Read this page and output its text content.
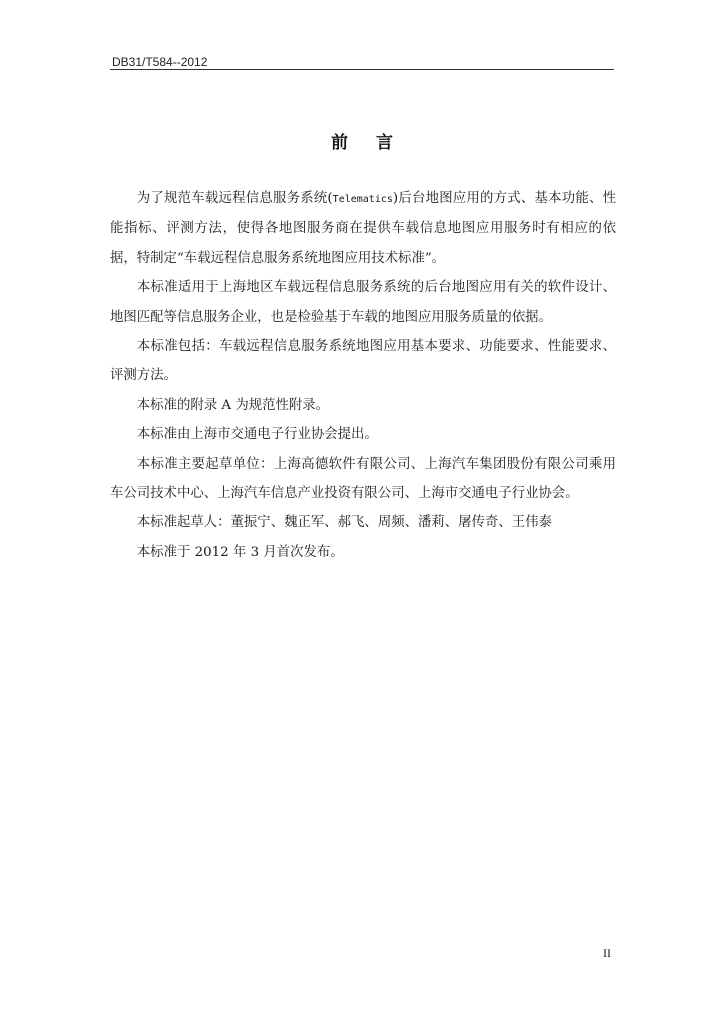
DB31/T584--2012
前 言

为了规范车载远程信息服务系统(Telematics)后台地图应用的方式、基本功能、性能指标、评测方法，使得各地图服务商在提供车载信息地图应用服务时有相应的依据，特制定“车载远程信息服务系统地图应用技术标准”。

本标准适用于上海地区车载远程信息服务系统的后台地图应用有关的软件设计、地图匹配等信息服务企业，也是检验基于车载的地图应用服务质量的依据。

本标准包括：车载远程信息服务系统地图应用基本要求、功能要求、性能要求、评测方法。

本标准的附录 A 为规范性附录。

本标准由上海市交通电子行业协会提出。

本标准主要起草单位：上海高德软件有限公司、上海汽车集团股份有限公司乘用车公司技术中心、上海汽车信息产业投资有限公司、上海市交通电子行业协会。

本标准起草人：董振宁、魏正军、郝飞、周频、潘莉、屠传奇、王伟泰

本标准于 2012 年 3 月首次发布。

II
